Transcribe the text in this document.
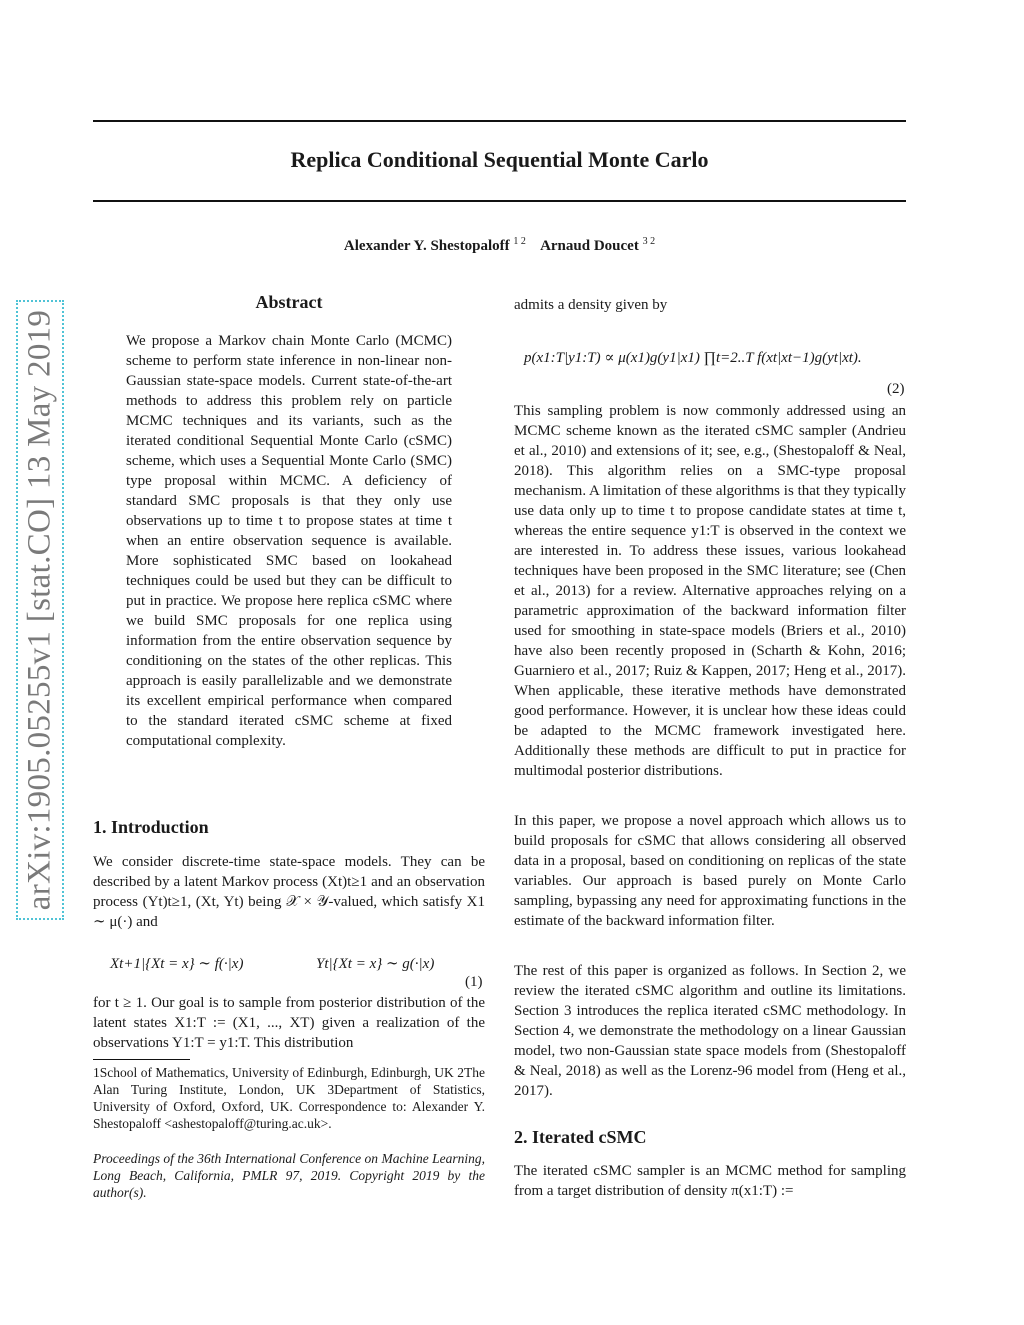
Replica Conditional Sequential Monte Carlo
Alexander Y. Shestopaloff $^{1 2}$ Arnaud Doucet $^{3 2}$
arXiv:1905.05255v1 [stat.CO] 13 May 2019
Abstract
We propose a Markov chain Monte Carlo (MCMC) scheme to perform state inference in non-linear non-Gaussian state-space models. Current state-of-the-art methods to address this problem rely on particle MCMC techniques and its variants, such as the iterated conditional Sequential Monte Carlo (cSMC) scheme, which uses a Sequential Monte Carlo (SMC) type proposal within MCMC. A deficiency of standard SMC proposals is that they only use observations up to time t to propose states at time t when an entire observation sequence is available. More sophisticated SMC based on lookahead techniques could be used but they can be difficult to put in practice. We propose here replica cSMC where we build SMC proposals for one replica using information from the entire observation sequence by conditioning on the states of the other replicas. This approach is easily parallelizable and we demonstrate its excellent empirical performance when compared to the standard iterated cSMC scheme at fixed computational complexity.
1. Introduction

We consider discrete-time state-space models. They can be described by a latent Markov process (Xt)t≥1 and an observation process (Yt)t≥1, (Xt, Yt) being 𝒳 × 𝒴-valued, which satisfy X1 ∼ μ(·) and

Xt+1|{Xt = x} ∼ f(·|x)	Yt|{Xt = x} ∼ g(·|x)
(1)

for t ≥ 1. Our goal is to sample from posterior distribution of the latent states X1:T := (X1, ..., XT) given a realization of the observations Y1:T = y1:T. This distribution

1School of Mathematics, University of Edinburgh, Edinburgh, UK 2The Alan Turing Institute, London, UK 3Department of Statistics, University of Oxford, Oxford, UK. Correspondence to: Alexander Y. Shestopaloff <ashestopaloff@turing.ac.uk>.
Proceedings of the 36th International Conference on Machine Learning, Long Beach, California, PMLR 97, 2019. Copyright 2019 by the author(s).

admits a density given by

p(x1:T|y1:T) ∝ μ(x1)g(y1|x1) ∏t=2..T f(xt|xt−1)g(yt|xt).
(2)

This sampling problem is now commonly addressed using an MCMC scheme known as the iterated cSMC sampler (Andrieu et al., 2010) and extensions of it; see, e.g., (Shestopaloff & Neal, 2018). This algorithm relies on a SMC-type proposal mechanism. A limitation of these algorithms is that they typically use data only up to time t to propose candidate states at time t, whereas the entire sequence y1:T is observed in the context we are interested in. To address these issues, various lookahead techniques have been proposed in the SMC literature; see (Chen et al., 2013) for a review. Alternative approaches relying on a parametric approximation of the backward information filter used for smoothing in state-space models (Briers et al., 2010) have also been recently proposed in (Scharth & Kohn, 2016; Guarniero et al., 2017; Ruiz & Kappen, 2017; Heng et al., 2017). When applicable, these iterative methods have demonstrated good performance. However, it is unclear how these ideas could be adapted to the MCMC framework investigated here. Additionally these methods are difficult to put in practice for multimodal posterior distributions.

In this paper, we propose a novel approach which allows us to build proposals for cSMC that allows considering all observed data in a proposal, based on conditioning on replicas of the state variables. Our approach is based purely on Monte Carlo sampling, bypassing any need for approximating functions in the estimate of the backward information filter.

The rest of this paper is organized as follows. In Section 2, we review the iterated cSMC algorithm and outline its limitations. Section 3 introduces the replica iterated cSMC methodology. In Section 4, we demonstrate the methodology on a linear Gaussian model, two non-Gaussian state space models from (Shestopaloff & Neal, 2018) as well as the Lorenz-96 model from (Heng et al., 2017).

2. Iterated cSMC

The iterated cSMC sampler is an MCMC method for sampling from a target distribution of density π(x1:T) :=
